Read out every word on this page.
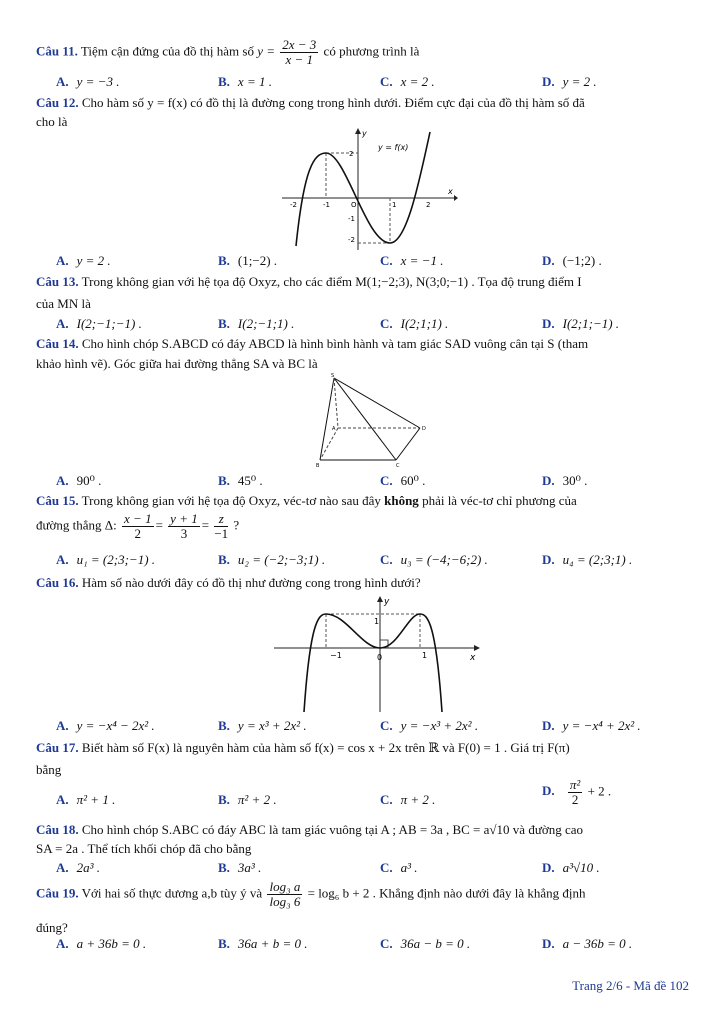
Câu 11. Tiệm cận đứng của đồ thị hàm số $y = \frac{2x - 3}{x - 1}$ có phương trình là
A. y = −3 .	B. x = 1 .	C. x = 2 .	D. y = 2 .
Câu 12. Cho hàm số y = f(x) có đồ thị là đường cong trong hình dưới. Điểm cực đại của đồ thị hàm số đã
cho là
y = f(x)
y
x
-2	-1	O	1	2
2
-1
-2
A. y = 2 .	B. (1;−2) .	C. x = −1 .	D. (−1;2) .
Câu 13. Trong không gian với hệ tọa độ Oxyz, cho các điểm M(1;−2;3), N(3;0;−1) . Tọa độ trung điểm I
của MN là
A. I(2;−1;−1) .	B. I(2;−1;1) .	C. I(2;1;1) .	D. I(2;1;−1) .
Câu 14. Cho hình chóp S.ABCD có đáy ABCD là hình bình hành và tam giác SAD vuông cân tại S (tham
khảo hình vẽ). Góc giữa hai đường thẳng SA và BC là
S
A	D
B	C
A. 90⁰ .	B. 45⁰ .	C. 60⁰ .	D. 30⁰ .
Câu 15. Trong không gian với hệ tọa độ Oxyz, véc-tơ nào sau đây không phải là véc-tơ chỉ phương của
đường thẳng Δ: $\frac{x - 1}{2} = \frac{y + 1}{3} = \frac{z}{-1}$ ?
A. u₁ = (2;3;−1) .	B. u₂ = (−2;−3;1) .	C. u₃ = (−4;−6;2) .	D. u₄ = (2;3;1) .
Câu 16. Hàm số nào dưới đây có đồ thị như đường cong trong hình dưới?
y
x
−1	0	1
1
A. y = −x⁴ − 2x² .	B. y = x³ + 2x² .	C. y = −x³ + 2x² .	D. y = −x⁴ + 2x² .
Câu 17. Biết hàm số F(x) là nguyên hàm của hàm số f(x) = cos x + 2x trên ℝ và F(0) = 1 . Giá trị F(π)
bằng
A. π² + 1 .	B. π² + 2 .	C. π + 2 .
D. $\frac{\text{π²}}{2} + 2$ .
Câu 18. Cho hình chóp S.ABC có đáy ABC là tam giác vuông tại A ; AB = 3a , BC = a√10 và đường cao
SA = 2a . Thể tích khối chóp đã cho bằng
A. 2a³ .	B. 3a³ .	C. a³ .	D. a³√10 .
Câu 19. Với hai số thực dương a,b tùy ý và $\frac{\text{log₃ a}}{\text{log₃ 6}} = \log_6$ b + 2 . Khẳng định nào dưới đây là khẳng định
đúng?
A. a + 36b = 0 .	B. 36a + b = 0 .	C. 36a − b = 0 .	D. a − 36b = 0 .
Trang 2/6 - Mã đề 102
